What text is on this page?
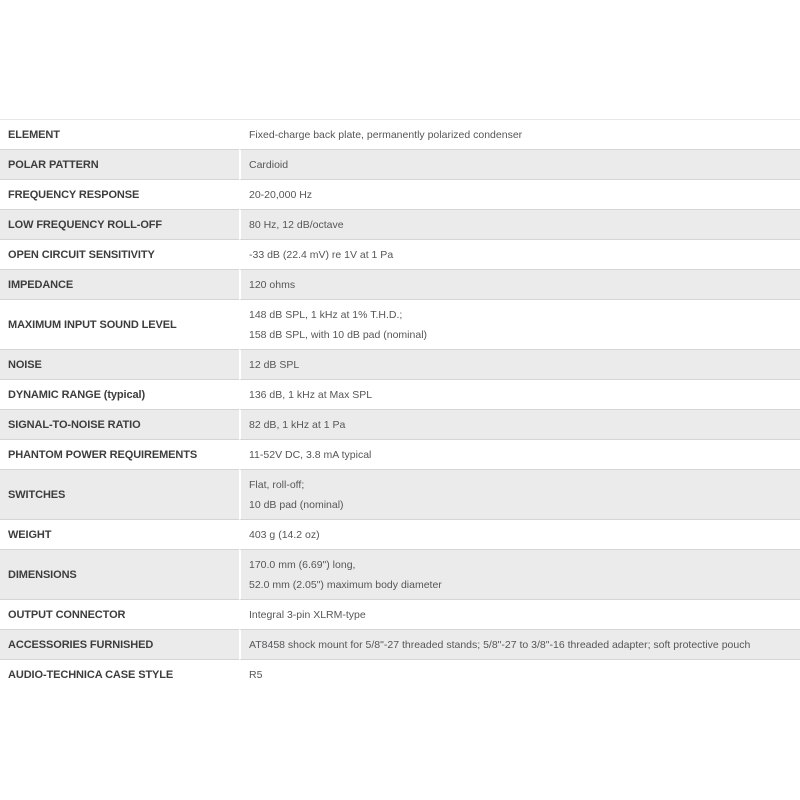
ELEMENT	Fixed-charge back plate, permanently polarized condenser

POLAR PATTERN	Cardioid

FREQUENCY RESPONSE	20-20,000 Hz

LOW FREQUENCY ROLL-OFF	80 Hz, 12 dB/octave

OPEN CIRCUIT SENSITIVITY	-33 dB (22.4 mV) re 1V at 1 Pa

IMPEDANCE	120 ohms

MAXIMUM INPUT SOUND LEVEL	148 dB SPL, 1 kHz at 1% T.H.D.;
158 dB SPL, with 10 dB pad (nominal)

NOISE	12 dB SPL

DYNAMIC RANGE (typical)	136 dB, 1 kHz at Max SPL

SIGNAL-TO-NOISE RATIO	82 dB, 1 kHz at 1 Pa

PHANTOM POWER REQUIREMENTS	11-52V DC, 3.8 mA typical

SWITCHES	Flat, roll-off;
10 dB pad (nominal)

WEIGHT	403 g (14.2 oz)

DIMENSIONS	170.0 mm (6.69") long,
52.0 mm (2.05") maximum body diameter

OUTPUT CONNECTOR	Integral 3-pin XLRM-type

ACCESSORIES FURNISHED	AT8458 shock mount for 5/8"-27 threaded stands; 5/8"-27 to 3/8"-16 threaded adapter; soft protective pouch

AUDIO-TECHNICA CASE STYLE	R5
